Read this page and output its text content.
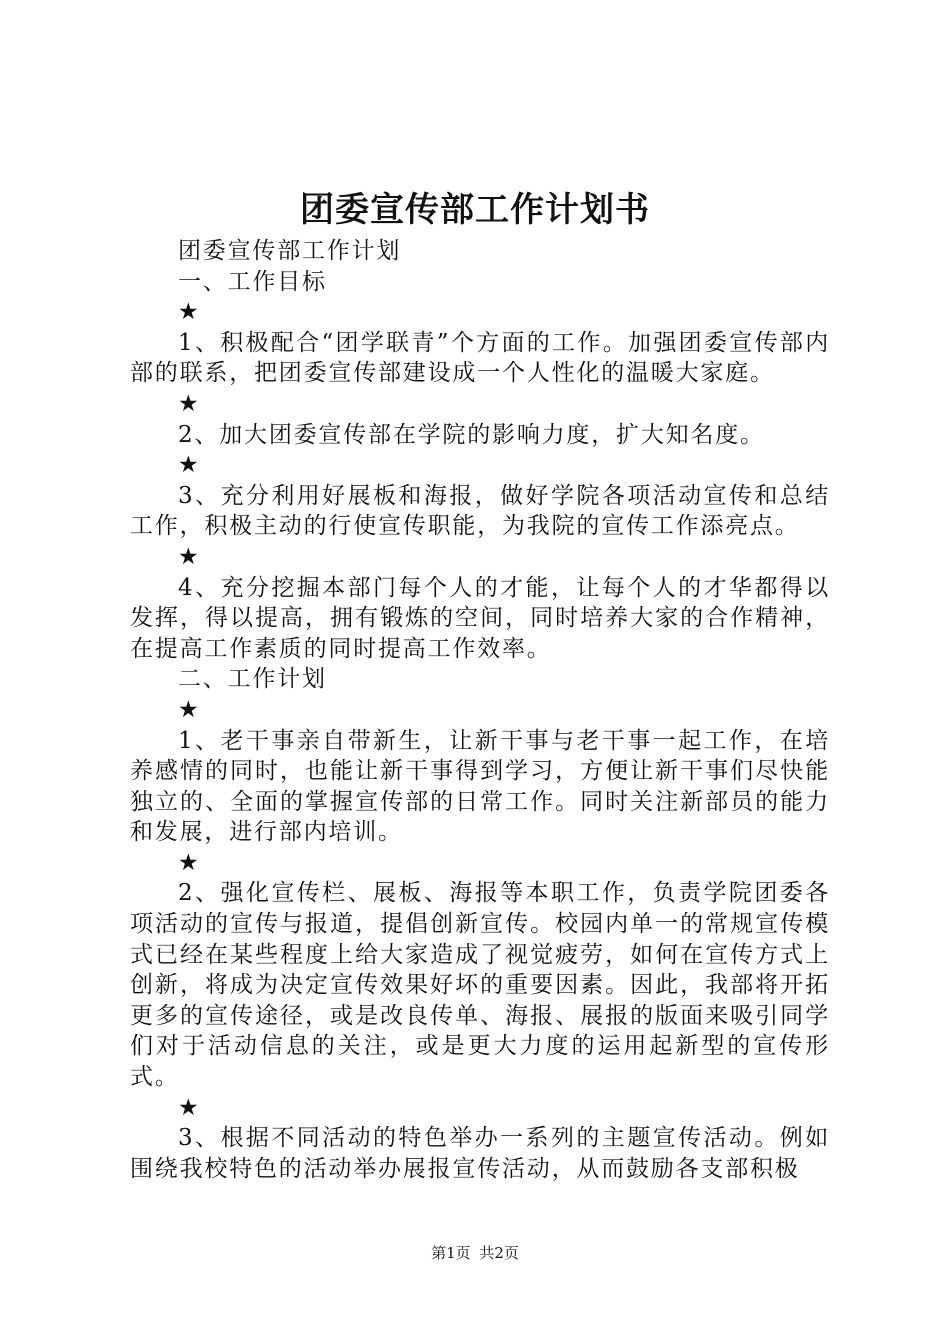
团委宣传部工作计划书

团委宣传部工作计划

一、工作目标

★

1、积极配合“团学联青”个方面的工作。加强团委宣传部内部的联系，把团委宣传部建设成一个人性化的温暖大家庭。

★

2、加大团委宣传部在学院的影响力度，扩大知名度。

★

3、充分利用好展板和海报，做好学院各项活动宣传和总结工作，积极主动的行使宣传职能，为我院的宣传工作添亮点。

★

4、充分挖掘本部门每个人的才能，让每个人的才华都得以发挥，得以提高，拥有锻炼的空间，同时培养大家的合作精神，在提高工作素质的同时提高工作效率。

二、工作计划

★

1、老干事亲自带新生，让新干事与老干事一起工作，在培养感情的同时，也能让新干事得到学习，方便让新干事们尽快能独立的、全面的掌握宣传部的日常工作。同时关注新部员的能力和发展，进行部内培训。

★

2、强化宣传栏、展板、海报等本职工作，负责学院团委各项活动的宣传与报道，提倡创新宣传。校园内单一的常规宣传模式已经在某些程度上给大家造成了视觉疲劳，如何在宣传方式上创新，将成为决定宣传效果好坏的重要因素。因此，我部将开拓更多的宣传途径，或是改良传单、海报、展报的版面来吸引同学们对于活动信息的关注，或是更大力度的运用起新型的宣传形式。

★

3、根据不同活动的特色举办一系列的主题宣传活动。例如围绕我校特色的活动举办展报宣传活动，从而鼓励各支部积极

第1页 共2页
